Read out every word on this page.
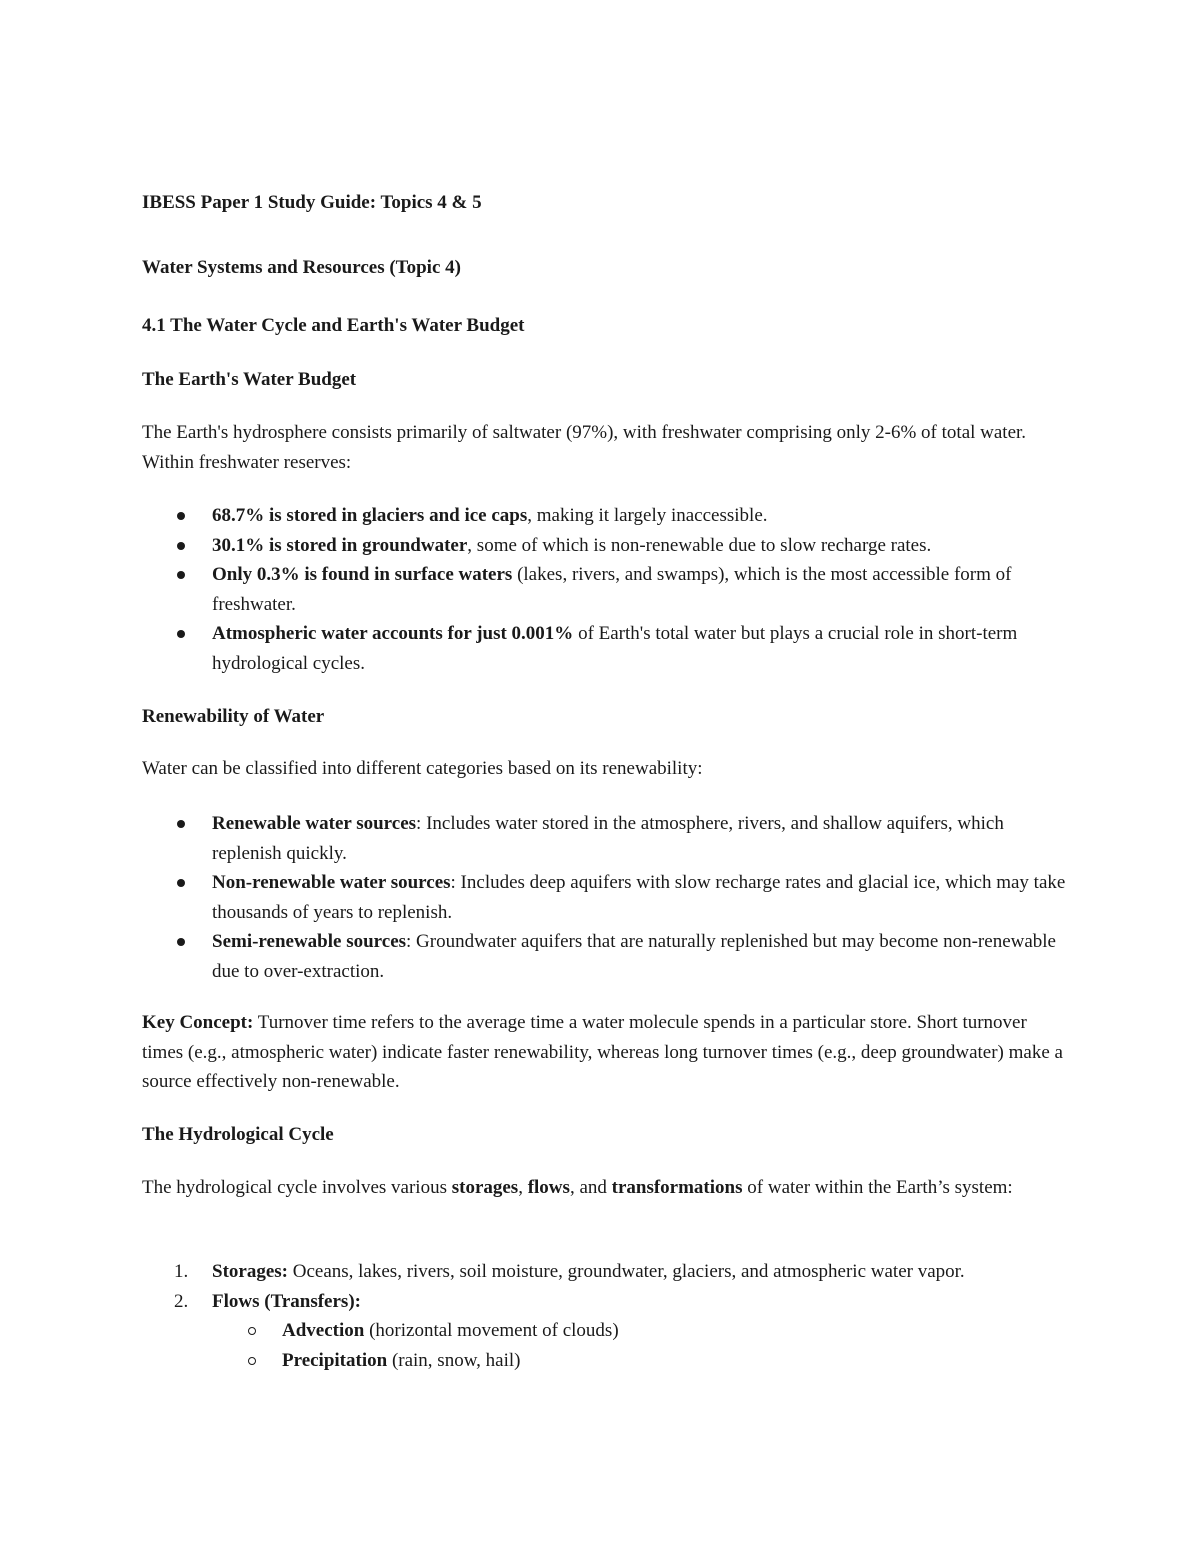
IBESS Paper 1 Study Guide: Topics 4 & 5
Water Systems and Resources (Topic 4)
4.1 The Water Cycle and Earth's Water Budget
The Earth's Water Budget

The Earth's hydrosphere consists primarily of saltwater (97%), with freshwater comprising only 2-6% of total water. Within freshwater reserves:

68.7% is stored in glaciers and ice caps, making it largely inaccessible.
30.1% is stored in groundwater, some of which is non-renewable due to slow recharge rates.
Only 0.3% is found in surface waters (lakes, rivers, and swamps), which is the most accessible form of freshwater.
Atmospheric water accounts for just 0.001% of Earth's total water but plays a crucial role in short-term hydrological cycles.
Renewability of Water

Water can be classified into different categories based on its renewability:

Renewable water sources: Includes water stored in the atmosphere, rivers, and shallow aquifers, which replenish quickly.
Non-renewable water sources: Includes deep aquifers with slow recharge rates and glacial ice, which may take thousands of years to replenish.
Semi-renewable sources: Groundwater aquifers that are naturally replenished but may become non-renewable due to over-extraction.

Key Concept: Turnover time refers to the average time a water molecule spends in a particular store. Short turnover times (e.g., atmospheric water) indicate faster renewability, whereas long turnover times (e.g., deep groundwater) make a source effectively non-renewable.

The Hydrological Cycle

The hydrological cycle involves various storages, flows, and transformations of water within the Earth’s system:

1. Storages: Oceans, lakes, rivers, soil moisture, groundwater, glaciers, and atmospheric water vapor.
2. Flows (Transfers):
Advection (horizontal movement of clouds)
Precipitation (rain, snow, hail)
